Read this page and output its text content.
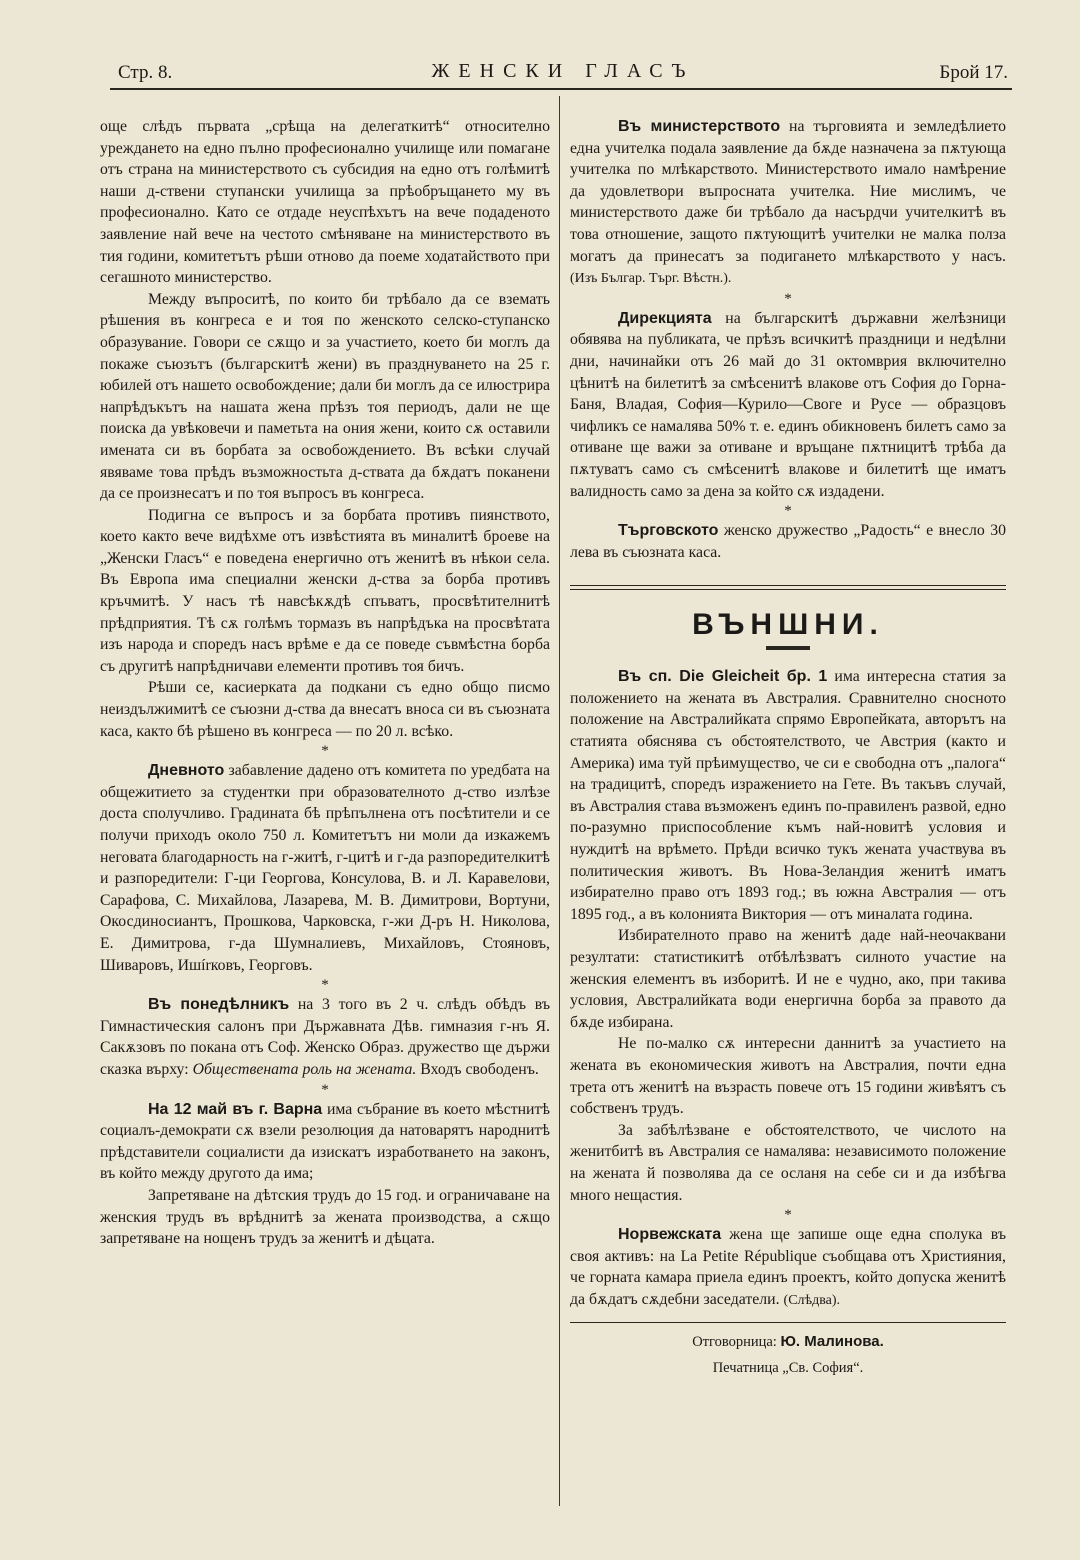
Стр. 8.	ЖЕНСКИ ГЛАСЪ	Брой 17.

още слѣдъ първата „срѣща на делегаткитѣ“ относително уреждането на едно пълно професионално училище или помагане отъ страна на министерството съ субсидия на едно отъ голѣмитѣ наши д-ствени ступански училища за прѣобръщането му въ професионално. Като се отдаде неуспѣхътъ на вече подаденото заявление най вече на честото смѣняване на министерството въ тия години, комитетътъ рѣши отново да поеме ходатайството при сегашното министерство.

Между въпроситѣ, по които би трѣбало да се вземать рѣшения въ конгреса е и тоя по женското селско-ступанско образувание. Говори се сѫщо и за участието, което би моглъ да покаже съюзътъ (българскитѣ жени) въ празднуването на 25 г. юбилей отъ нашето освобождение; дали би моглъ да се илюстрира напрѣдъкътъ на нашата жена прѣзъ тоя периодъ, дали не ще поиска да увѣковечи и паметьта на ония жени, които сѫ оставили имената си въ борбата за освобождението. Въ всѣки случай явяваме това прѣдъ възможностьта д-ствата да бѫдатъ поканени да се произнесатъ и по тоя въпросъ въ конгреса.

Подигна се въпросъ и за борбата противъ пиянството, което както вече видѣхме отъ извѣстията въ миналитѣ броеве на „Женски Гласъ“ е поведена енергично отъ женитѣ въ нѣкои села. Въ Европа има специални женски д-ства за борба противъ кръчмитѣ. У насъ тѣ навсѣкѫдѣ спъватъ, просвѣтителнитѣ прѣдприятия. Тѣ сѫ голѣмъ тормазъ въ напрѣдъка на просвѣтата изъ народа и споредъ насъ врѣме е да се поведе съвмѣстна борба съ другитѣ напрѣдничави елементи противъ тоя бичъ.

Рѣши се, касиерката да подкани съ едно общо писмо неиздължимитѣ се съюзни д-ства да внесатъ вноса си въ съюзната каса, както бѣ рѣшено въ конгреса — по 20 л. всѣко.

*

Дневното забавление дадено отъ комитета по уредбата на общежитието за студентки при образователното д-ство излѣзе доста сполучливо. Градината бѣ прѣпълнена отъ посѣтители и се получи приходъ около 750 л. Комитетътъ ни моли да изкажемъ неговата благодарность на г-житѣ, г-цитѣ и г-да разпоредителкитѣ и разпоредители: Г-ци Георгова, Консулова, В. и Л. Каравелови, Сарафова, С. Михайлова, Лазарева, М. В. Димитрови, Вортуни, Окосдиносиантъ, Прошкова, Чарковска, г-жи Д-ръ Н. Николова, Е. Димитрова, г-да Шумналиевъ, Михайловъ, Стояновъ, Шиваровъ, Ишírковъ, Георговъ.

*

Въ понедѣлникъ на 3 того въ 2 ч. слѣдъ обѣдъ въ Гимнастическия салонъ при Държавната Дѣв. гимназия г-нъ Я. Сакѫзовъ по покана отъ Соф. Женско Образ. дружество ще държи сказка върху: Обществената роль на жената. Входъ свободенъ.

*

На 12 май въ г. Варна има събрание въ което мѣстнитѣ социалъ-демократи сѫ взели резолюция да натоварятъ народнитѣ прѣдставители социалисти да изискатъ изработването на законъ, въ който между другото да има;

Запретяване на дѣтския трудъ до 15 год. и ограничаване на женския трудъ въ врѣднитѣ за жената производства, а сѫщо запретяване на нощенъ трудъ за женитѣ и дѣцата.

Въ министерството на търговията и земледѣлието една учителка подала заявление да бѫде назначена за пѫтующа учителка по млѣкарството. Министерството имало намѣрение да удовлетвори въпросната учителка. Ние мислимъ, че министерството даже би трѣбало да насърдчи учителкитѣ въ това отношение, защото пѫтующитѣ учителки не малка полза могатъ да принесатъ за подигането млѣкарството у насъ. (Изъ Българ. Търг. Вѣстн.).

*

Дирекцията на българскитѣ държавни желѣзници обявява на публиката, че прѣзъ всичкитѣ праздници и недѣлни дни, начинайки отъ 26 май до 31 октомврия включително цѣнитѣ на билетитѣ за смѣсенитѣ влакове отъ София до Горна-Баня, Владая, София—Курило—Своге и Русе — образцовъ чифликъ се намалява 50% т. е. единъ обикновенъ билетъ само за отиване ще важи за отиване и връщане пѫтницитѣ трѣба да пѫтуватъ само съ смѣсенитѣ влакове и билетитѣ ще иматъ валидность само за дена за който сѫ издадени.

*

Търговското женско дружество „Радость“ е внесло 30 лева въ съюзната каса.

ВЪНШНИ.

Въ сп. Die Gleicheit бр. 1 има интересна статия за положението на жената въ Австралия. Сравнително сносното положение на Австралийката спрямо Европейката, авторътъ на статията обяснява съ обстоятелството, че Австрия (както и Америка) има туй прѣимущество, че си е свободна отъ „палога“ на традицитѣ, споредъ изражението на Гете. Въ такъвъ случай, въ Австралия става възможенъ единъ по-правиленъ развой, едно по-разумно приспособление къмъ най-новитѣ условия и нуждитѣ на врѣмето. Прѣди всичко тукъ жената участвува въ политическия животъ. Въ Нова-Зеландия женитѣ иматъ избирателно право отъ 1893 год.; въ южна Австралия — отъ 1895 год., а въ колонията Виктория — отъ миналата година.

Избирателното право на женитѣ даде най-неочаквани резултати: статистикитѣ отбѣлѣзватъ силното участие на женския елементъ въ изборитѣ. И не е чудно, ако, при такива условия, Австралийката води енергична борба за правото да бѫде избирана.

Не по-малко сѫ интересни даннитѣ за участието на жената въ економическия животъ на Австралия, почти една трета отъ женитѣ на възрасть повече отъ 15 години живѣятъ съ собственъ трудъ.

За забѣлѣзване е обстоятелството, че числото на женитбитѣ въ Австралия се намалява: независимото положение на жената й позволява да се осланя на себе си и да избѣгва много нещастия.

*

Норвежската жена ще запише още една сполука въ своя активъ: на La Petite République съобщава отъ Християния, че горната камара приела единъ проектъ, който допуска женитѣ да бѫдатъ сѫдебни заседатели. (Слѣдва).

Отговорница: Ю. Малинова.
Печатница „Св. София“.
